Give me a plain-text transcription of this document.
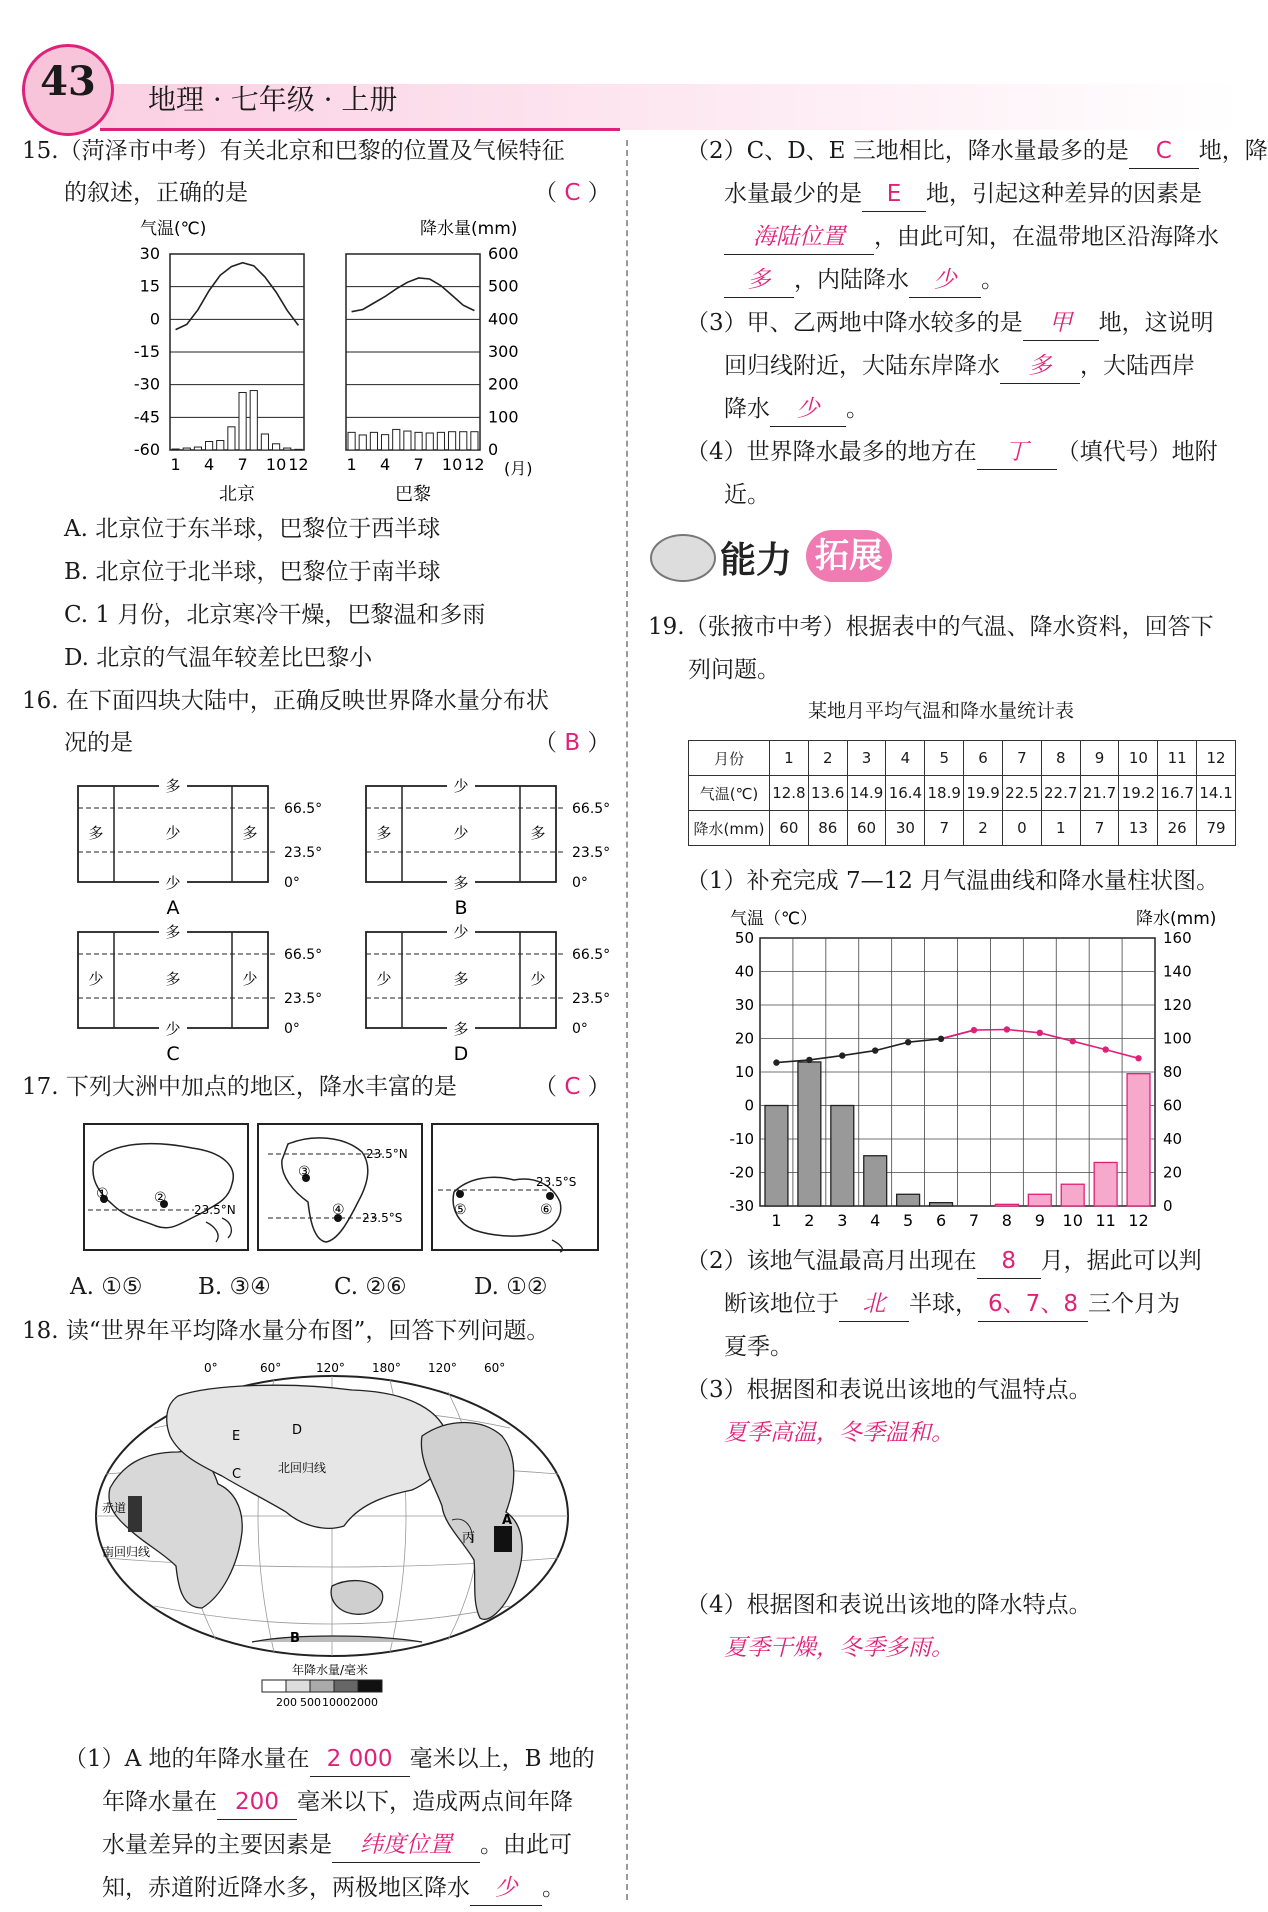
43	地理 · 七年级 · 上册
15.（菏泽市中考）有关北京和巴黎的位置及气候特征
的叙述，正确的是	（ C ）
气温(℃)	降水量(mm)
30
15
0
-15
-30
-45
-60
600
500
400
300
200
100
0
1 4 7 10 12
北京
1 4 7 10 12
巴黎
(月)
A. 北京位于东半球，巴黎位于西半球
B. 北京位于北半球，巴黎位于南半球
C. 1 月份，北京寒冷干燥，巴黎温和多雨
D. 北京的气温年较差比巴黎小
16. 在下面四块大陆中，正确反映世界降水量分布状
况的是	（ B ）
多
少
多	少	多
66.5°
23.5°
0°
A
少
多
多	少	多
66.5°
23.5°
0°
B
多
少
少	多	少
66.5°
23.5°
0°
C
少
多
少	多	少
66.5°
23.5°
0°
D
17. 下列大洲中加点的地区，降水丰富的是	（ C ）
①	②
23.5°N
③
④
23.5°N
23.5°S	⑤	⑥
23.5°S
A. ①⑤ B. ③④	C. ②⑥	D. ①②
18. 读“世界年平均降水量分布图”，回答下列问题。
0°	60°	120° 180° 120° 60°
北回归线
赤道
南回归线
A
B
C
D
E
丙
年降水量/毫米
200 500 1000 2000
（1）A 地的年降水量在 2 000 毫米以上，B 地的
年降水量在 200 毫米以下，造成两点间年降
水量差异的主要因素是 纬度位置 。由此可
知，赤道附近降水多，两极地区降水 少 。
（2）C、D、E 三地相比，降水量最多的是 C 地，降
水量最少的是 E 地，引起这种差异的因素是
海陆位置 ，由此可知，在温带地区沿海降水
多 ，内陆降水 少 。
（3）甲、乙两地中降水较多的是 甲 地，这说明
回归线附近，大陆东岸降水 多 ，大陆西岸
降水 少 。
（4）世界降水最多的地方在 丁 （填代号）地附
近。
能力 拓展
19.（张掖市中考）根据表中的气温、降水资料，回答下
列问题。
某地月平均气温和降水量统计表
月份	1	2	3	4	5	6	7	8	9	10	11	12
气温(℃)	12.8	13.6	14.9	16.4	18.9	19.9	22.5	22.7	21.7	19.2	16.7	14.1
降水(mm)	60	86	60	30	7	2	0	1	7	13	26	79
（1）补充完成 7—12 月气温曲线和降水量柱状图。
气温（℃）	降水(mm)
50
40
30
20
10
0
-10
-20
-30
160
140
120
100
80
60
40
20
0
1 2 3 4 5 6 7 8 9 10 11 12
（2）该地气温最高月出现在 8 月，据此可以判
断该地位于 北 半球， 6、7、8 三个月为
夏季。
（3）根据图和表说出该地的气温特点。
夏季高温，冬季温和。
（4）根据图和表说出该地的降水特点。
夏季干燥，冬季多雨。
